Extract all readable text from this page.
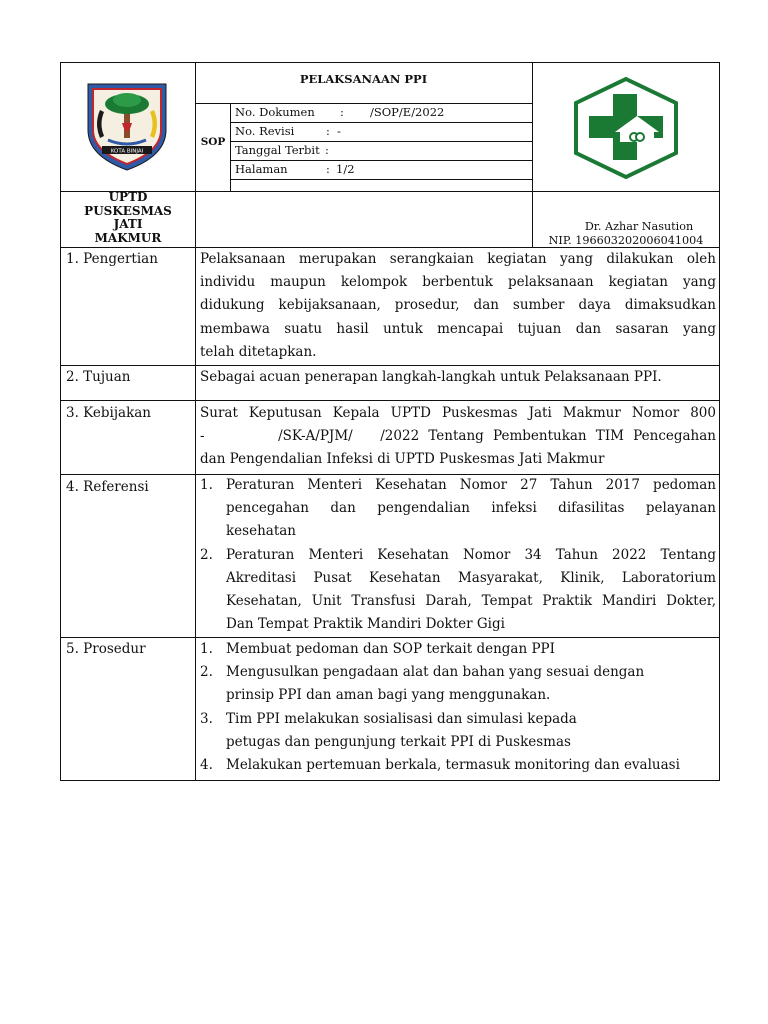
PELAKSANAAN PPI
SOP
No. Dokumen : /SOP/E/2022
No. Revisi	: -
Tanggal Terbit :
Halaman	: 1/2
KOTA BINJAI
UPTD
PUSKESMAS
JATI
MAKMUR
Dr. Azhar Nasution
NIP. 196603202006041004
1. Pengertian	Pelaksanaan merupakan serangkaian kegiatan yang dilakukan oleh
individu maupun kelompok berbentuk pelaksanaan kegiatan yang
didukung kebijaksanaan, prosedur, dan sumber daya dimaksudkan
membawa suatu hasil untuk mencapai tujuan dan sasaran yang
telah ditetapkan.
2. Tujuan	Sebagai acuan penerapan langkah-langkah untuk Pelaksanaan PPI.
3. Kebijakan	Surat Keputusan Kepala UPTD Puskesmas Jati Makmur Nomor 800
-        /SK-A/PJM/   /2022 Tentang Pembentukan TIM Pencegahan
dan Pengendalian Infeksi di UPTD Puskesmas Jati Makmur
4. Referensi	1. Peraturan Menteri Kesehatan Nomor 27 Tahun 2017 pedoman
pencegahan dan pengendalian infeksi difasilitas pelayanan
kesehatan
2. Peraturan Menteri Kesehatan Nomor 34 Tahun 2022 Tentang
Akreditasi Pusat Kesehatan Masyarakat, Klinik, Laboratorium
Kesehatan, Unit Transfusi Darah, Tempat Praktik Mandiri Dokter,
Dan Tempat Praktik Mandiri Dokter Gigi
5. Prosedur	1. Membuat pedoman dan SOP terkait dengan PPI
2. Mengusulkan pengadaan alat dan bahan yang sesuai dengan
prinsip PPI dan aman bagi yang menggunakan.
3. Tim PPI melakukan sosialisasi dan simulasi kepada
petugas dan pengunjung terkait PPI di Puskesmas
4. Melakukan pertemuan berkala, termasuk monitoring dan evaluasi
